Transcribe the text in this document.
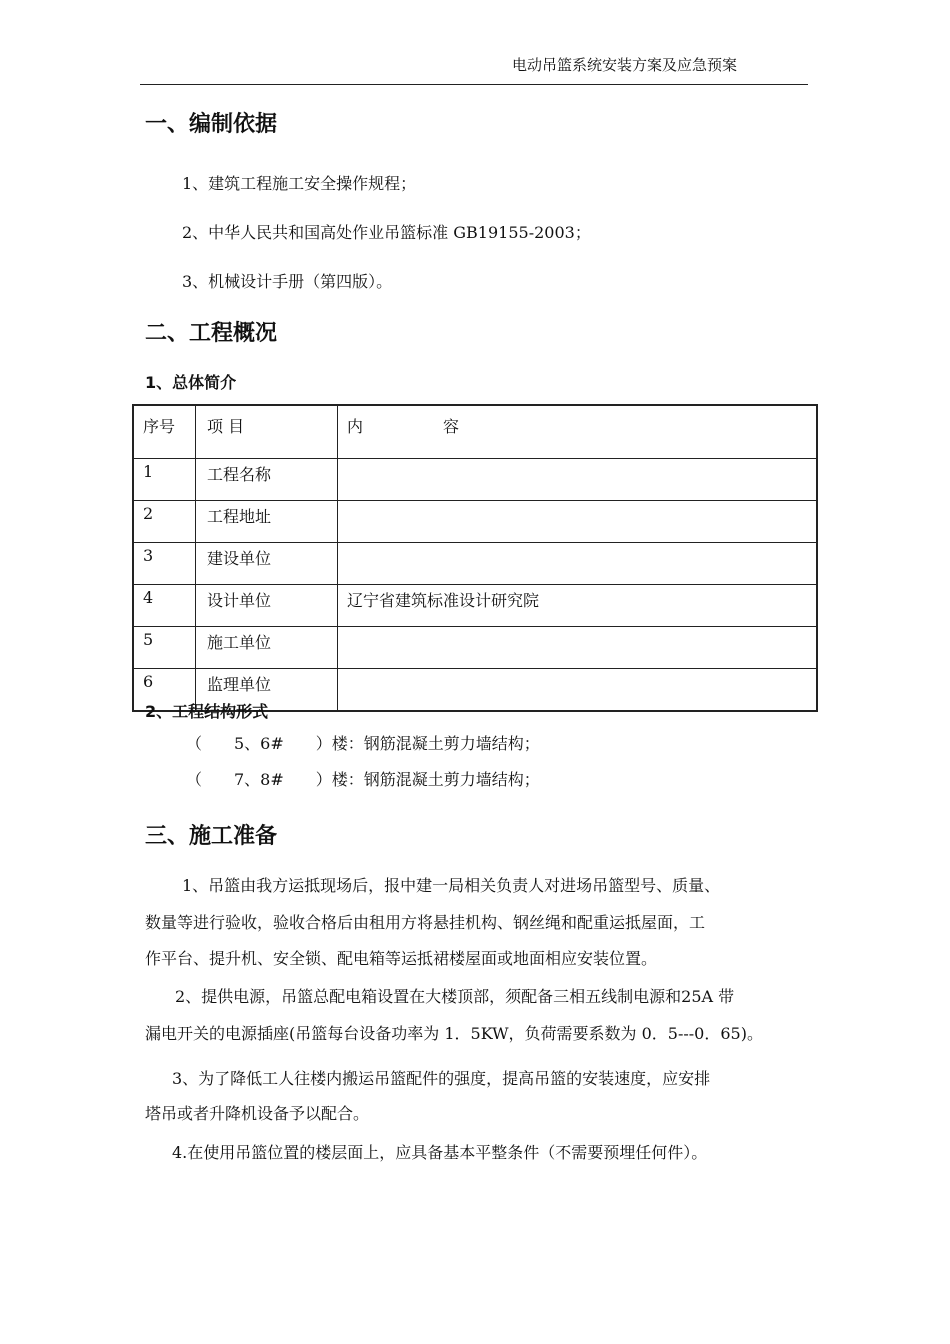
电动吊篮系统安装方案及应急预案
一、编制依据
1、建筑工程施工安全操作规程；
2、中华人民共和国高处作业吊篮标准 GB19155-2003；
3、机械设计手册（第四版）。
二、工程概况
1、总体简介
序号	项 目	内　　　　　容
1	工程名称	
2	工程地址	
3	建设单位	
4	设计单位	辽宁省建筑标准设计研究院
5	施工单位	
6	监理单位	
2、工程结构形式
（　　5、6#　　）楼：钢筋混凝土剪力墙结构；
（　　7、8#　　）楼：钢筋混凝土剪力墙结构；
三、施工准备
1、吊篮由我方运抵现场后，报中建一局相关负责人对进场吊篮型号、质量、
数量等进行验收，验收合格后由租用方将悬挂机构、钢丝绳和配重运抵屋面，工
作平台、提升机、安全锁、配电箱等运抵裙楼屋面或地面相应安装位置。
2、提供电源，吊篮总配电箱设置在大楼顶部，须配备三相五线制电源和25A 带
漏电开关的电源插座(吊篮每台设备功率为 1．5KW，负荷需要系数为 0．5---0．65)。
3、为了降低工人往楼内搬运吊篮配件的强度，提高吊篮的安装速度，应安排
塔吊或者升降机设备予以配合。
4.在使用吊篮位置的楼层面上，应具备基本平整条件（不需要预埋任何件）。
